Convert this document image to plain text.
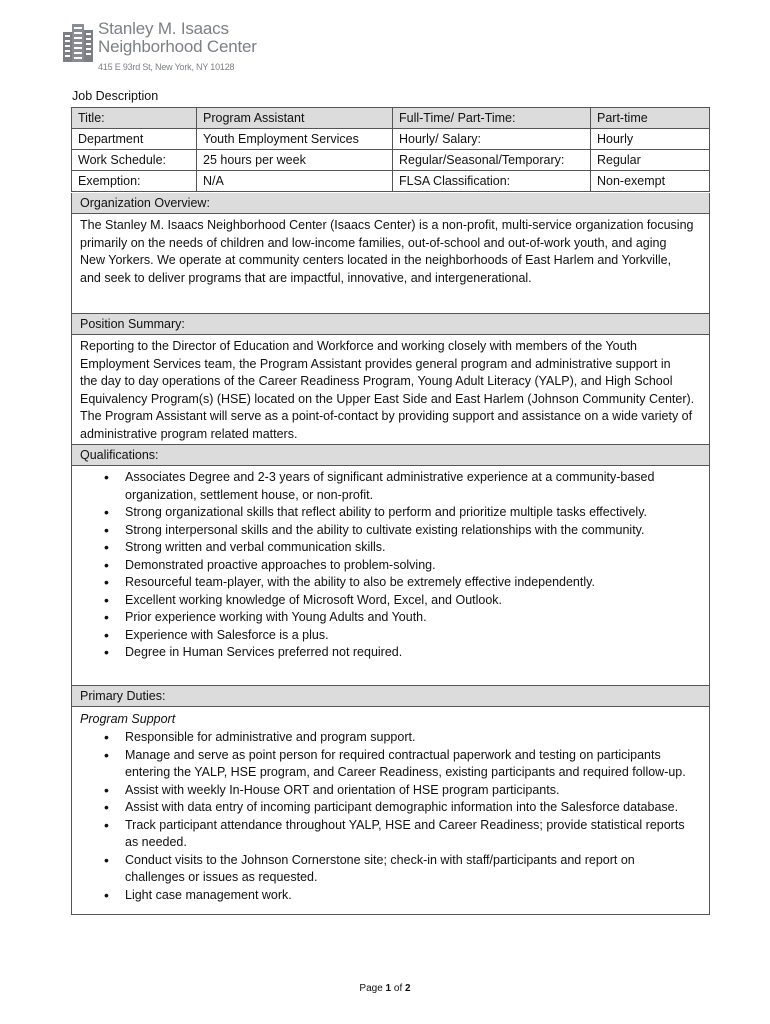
Stanley M. Isaacs
Neighborhood Center
415 E 93rd St, New York, NY 10128
Job Description
Title:	Program Assistant	Full-Time/ Part-Time:	Part-time
Department	Youth Employment Services	Hourly/ Salary:	Hourly
Work Schedule:	25 hours per week	Regular/Seasonal/Temporary:	Regular
Exemption:	N/A	FLSA Classification:	Non-exempt
Organization Overview:
The Stanley M. Isaacs Neighborhood Center (Isaacs Center) is a non-profit, multi-service organization focusing
primarily on the needs of children and low-income families, out-of-school and out-of-work youth, and aging
New Yorkers. We operate at community centers located in the neighborhoods of East Harlem and Yorkville,
and seek to deliver programs that are impactful, innovative, and intergenerational.
Position Summary:
Reporting to the Director of Education and Workforce and working closely with members of the Youth
Employment Services team, the Program Assistant provides general program and administrative support in
the day to day operations of the Career Readiness Program, Young Adult Literacy (YALP), and High School
Equivalency Program(s) (HSE) located on the Upper East Side and East Harlem (Johnson Community Center).
The Program Assistant will serve as a point-of-contact by providing support and assistance on a wide variety of
administrative program related matters.
Qualifications:
• Associates Degree and 2-3 years of significant administrative experience at a community-based
organization, settlement house, or non-profit.
• Strong organizational skills that reflect ability to perform and prioritize multiple tasks effectively.
• Strong interpersonal skills and the ability to cultivate existing relationships with the community.
• Strong written and verbal communication skills.
• Demonstrated proactive approaches to problem-solving.
• Resourceful team-player, with the ability to also be extremely effective independently.
• Excellent working knowledge of Microsoft Word, Excel, and Outlook.
• Prior experience working with Young Adults and Youth.
• Experience with Salesforce is a plus.
• Degree in Human Services preferred not required.
Primary Duties:
Program Support
• Responsible for administrative and program support.
• Manage and serve as point person for required contractual paperwork and testing on participants
entering the YALP, HSE program, and Career Readiness, existing participants and required follow-up.
• Assist with weekly In-House ORT and orientation of HSE program participants.
• Assist with data entry of incoming participant demographic information into the Salesforce database.
• Track participant attendance throughout YALP, HSE and Career Readiness; provide statistical reports
as needed.
• Conduct visits to the Johnson Cornerstone site; check-in with staff/participants and report on
challenges or issues as requested.
• Light case management work.
Page 1 of 2
